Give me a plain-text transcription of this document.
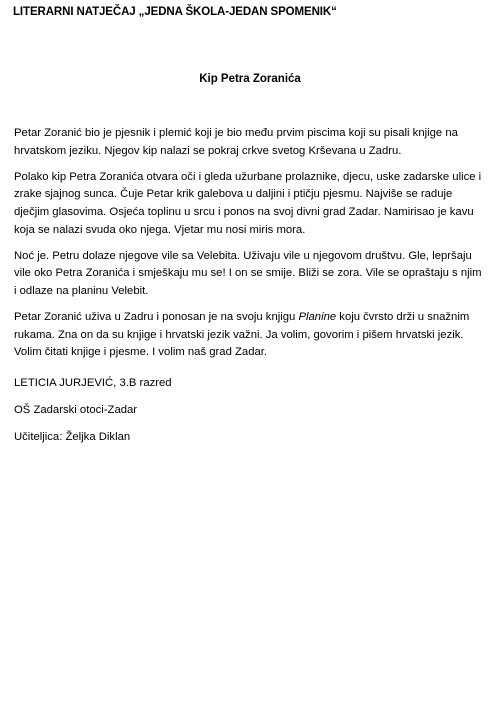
LITERARNI NATJEČAJ „JEDNA ŠKOLA-JEDAN SPOMENIK“
Kip Petra Zoranića

Petar Zoranić bio je pjesnik i plemić koji je bio među prvim piscima koji su pisali knjige na hrvatskom jeziku. Njegov kip nalazi se pokraj crkve svetog Krševana u Zadru.

Polako kip Petra Zoranića otvara oči i gleda užurbane prolaznike, djecu, uske zadarske ulice i zrake sjajnog sunca. Čuje Petar krik galebova u daljini i ptičju pjesmu. Najviše se raduje dječjim glasovima. Osjeća toplinu u srcu i ponos na svoj divni grad Zadar. Namirisao je kavu koja se nalazi svuda oko njega. Vjetar mu nosi miris mora.

Noć je. Petru dolaze njegove vile sa Velebita. Uživaju vile u njegovom društvu. Gle, lepršaju vile oko Petra Zoranića i smješkaju mu se! I on se smije. Bliži se zora. Vile se opraštaju s njim i odlaze na planinu Velebit.

Petar Zoranić uživa u Zadru i ponosan je na svoju knjigu Planine koju čvrsto drži u snažnim rukama. Zna on da su knjige i hrvatski jezik važni. Ja volim, govorim i pišem hrvatski jezik. Volim čitati knjige i pjesme. I volim naš grad Zadar.

LETICIA JURJEVIĆ, 3.B razred
OŠ Zadarski otoci-Zadar
Učiteljica: Željka Diklan
